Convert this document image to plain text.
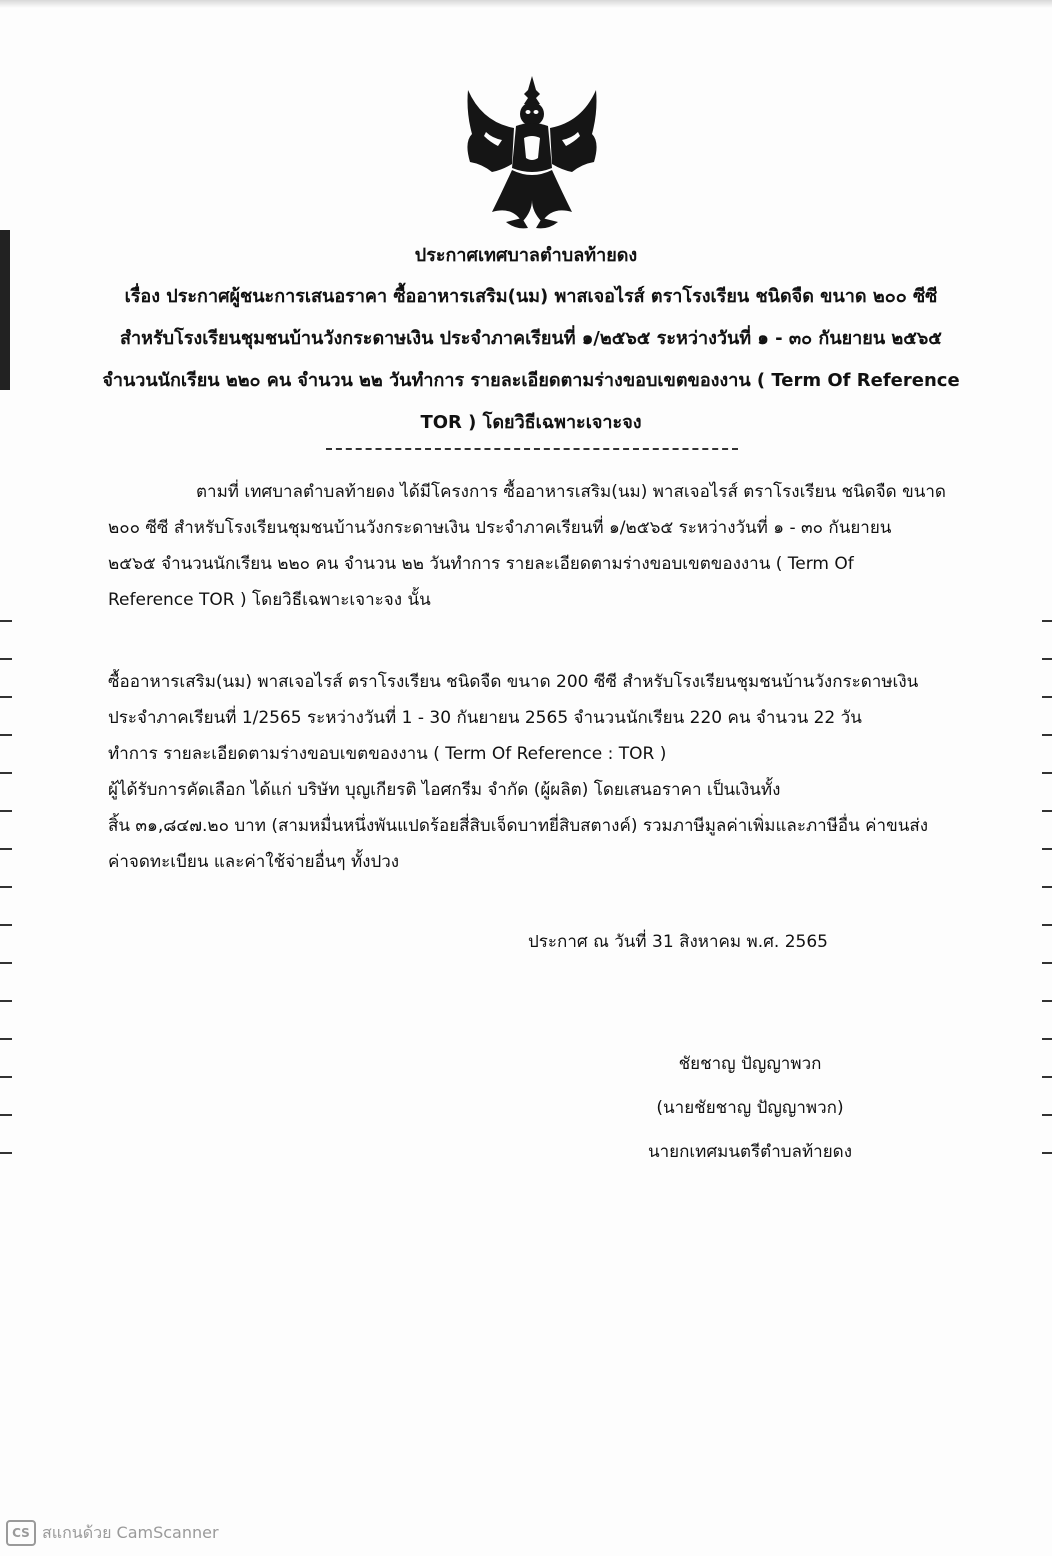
ประกาศเทศบาลตำบลท้ายดง
เรื่อง ประกาศผู้ชนะการเสนอราคา ซื้ออาหารเสริม(นม) พาสเจอไรส์ ตราโรงเรียน ชนิดจืด ขนาด ๒๐๐ ซีซี
สำหรับโรงเรียนชุมชนบ้านวังกระดาษเงิน ประจำภาคเรียนที่ ๑/๒๕๖๕ ระหว่างวันที่ ๑ - ๓๐ กันยายน ๒๕๖๕
จำนวนนักเรียน ๒๒๐ คน จำนวน ๒๒ วันทำการ รายละเอียดตามร่างขอบเขตของงาน ( Term Of Reference
TOR ) โดยวิธีเฉพาะเจาะจง
ตามที่ เทศบาลตำบลท้ายดง ได้มีโครงการ ซื้ออาหารเสริม(นม) พาสเจอไรส์ ตราโรงเรียน ชนิดจืด ขนาด
๒๐๐ ซีซี สำหรับโรงเรียนชุมชนบ้านวังกระดาษเงิน ประจำภาคเรียนที่ ๑/๒๕๖๕ ระหว่างวันที่ ๑ - ๓๐ กันยายน
๒๕๖๕ จำนวนนักเรียน ๒๒๐ คน จำนวน ๒๒ วันทำการ รายละเอียดตามร่างขอบเขตของงาน ( Term Of
Reference TOR ) โดยวิธีเฉพาะเจาะจง นั้น
ซื้ออาหารเสริม(นม) พาสเจอไรส์ ตราโรงเรียน ชนิดจืด ขนาด 200 ซีซี สำหรับโรงเรียนชุมชนบ้านวังกระดาษเงิน
ประจำภาคเรียนที่ 1/2565 ระหว่างวันที่ 1 - 30 กันยายน 2565 จำนวนนักเรียน 220 คน จำนวน 22 วัน
ทำการ รายละเอียดตามร่างขอบเขตของงาน ( Term Of Reference : TOR )
ผู้ได้รับการคัดเลือก ได้แก่ บริษัท บุญเกียรติ ไอศกรีม จำกัด (ผู้ผลิต) โดยเสนอราคา เป็นเงินทั้ง
สิ้น ๓๑,๘๔๗.๒๐ บาท (สามหมื่นหนึ่งพันแปดร้อยสี่สิบเจ็ดบาทยี่สิบสตางค์) รวมภาษีมูลค่าเพิ่มและภาษีอื่น ค่าขนส่ง
ค่าจดทะเบียน และค่าใช้จ่ายอื่นๆ ทั้งปวง
ประกาศ ณ วันที่ 31 สิงหาคม พ.ศ. 2565
ชัยชาญ ปัญญาพวก
(นายชัยชาญ ปัญญาพวก)
นายกเทศมนตรีตำบลท้ายดง
CS สแกนด้วย CamScanner
